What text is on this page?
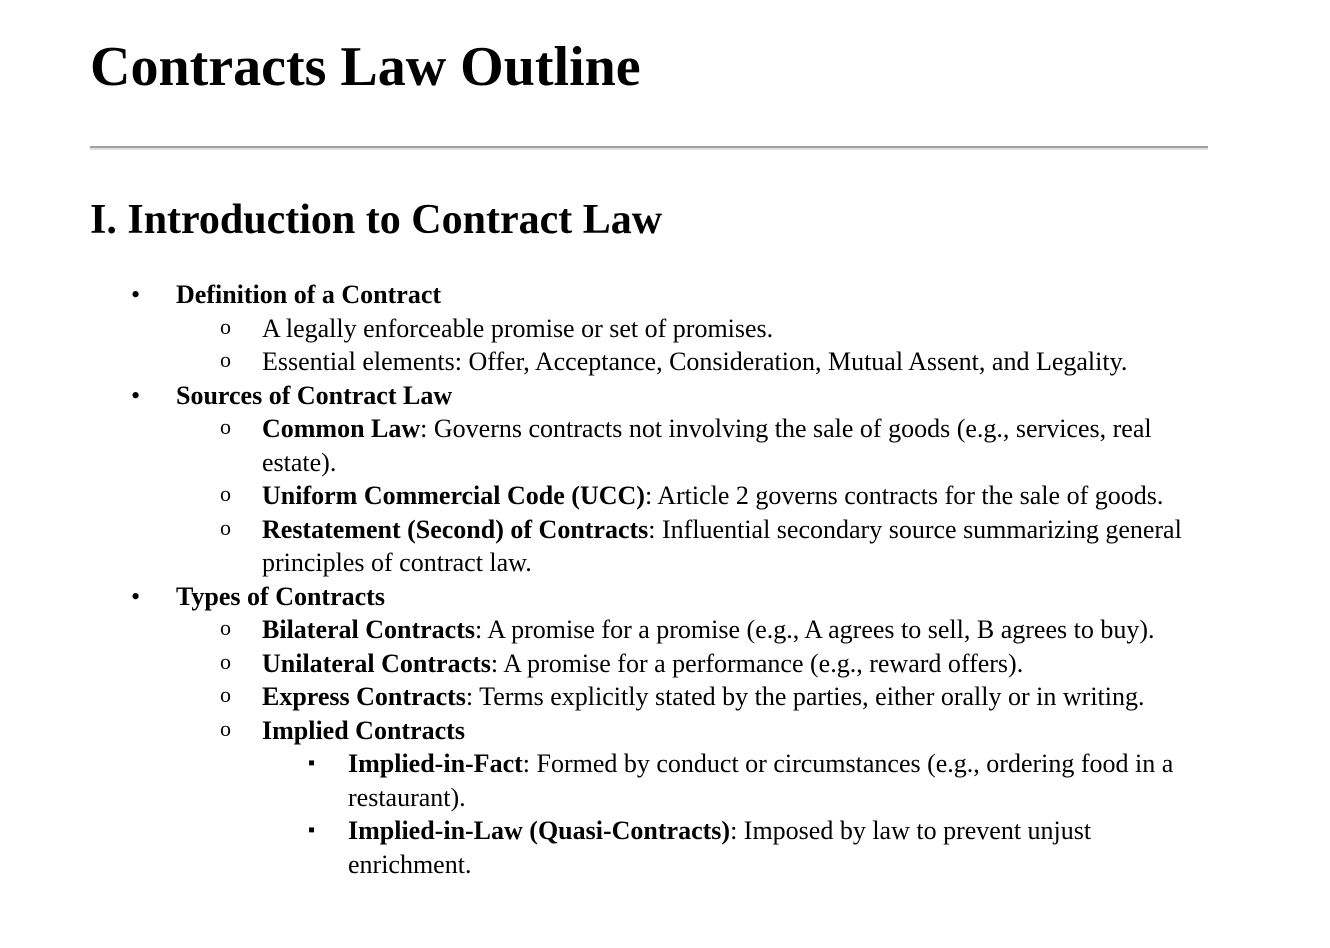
Contracts Law Outline
I. Introduction to Contract Law
• Definition of a Contract
o A legally enforceable promise or set of promises.
o Essential elements: Offer, Acceptance, Consideration, Mutual Assent, and Legality.
• Sources of Contract Law
o Common Law: Governs contracts not involving the sale of goods (e.g., services, real estate).
o Uniform Commercial Code (UCC): Article 2 governs contracts for the sale of goods.
o Restatement (Second) of Contracts: Influential secondary source summarizing general principles of contract law.
• Types of Contracts
o Bilateral Contracts: A promise for a promise (e.g., A agrees to sell, B agrees to buy).
o Unilateral Contracts: A promise for a performance (e.g., reward offers).
o Express Contracts: Terms explicitly stated by the parties, either orally or in writing.
o Implied Contracts
▪ Implied-in-Fact: Formed by conduct or circumstances (e.g., ordering food in a restaurant).
▪ Implied-in-Law (Quasi-Contracts): Imposed by law to prevent unjust enrichment.
